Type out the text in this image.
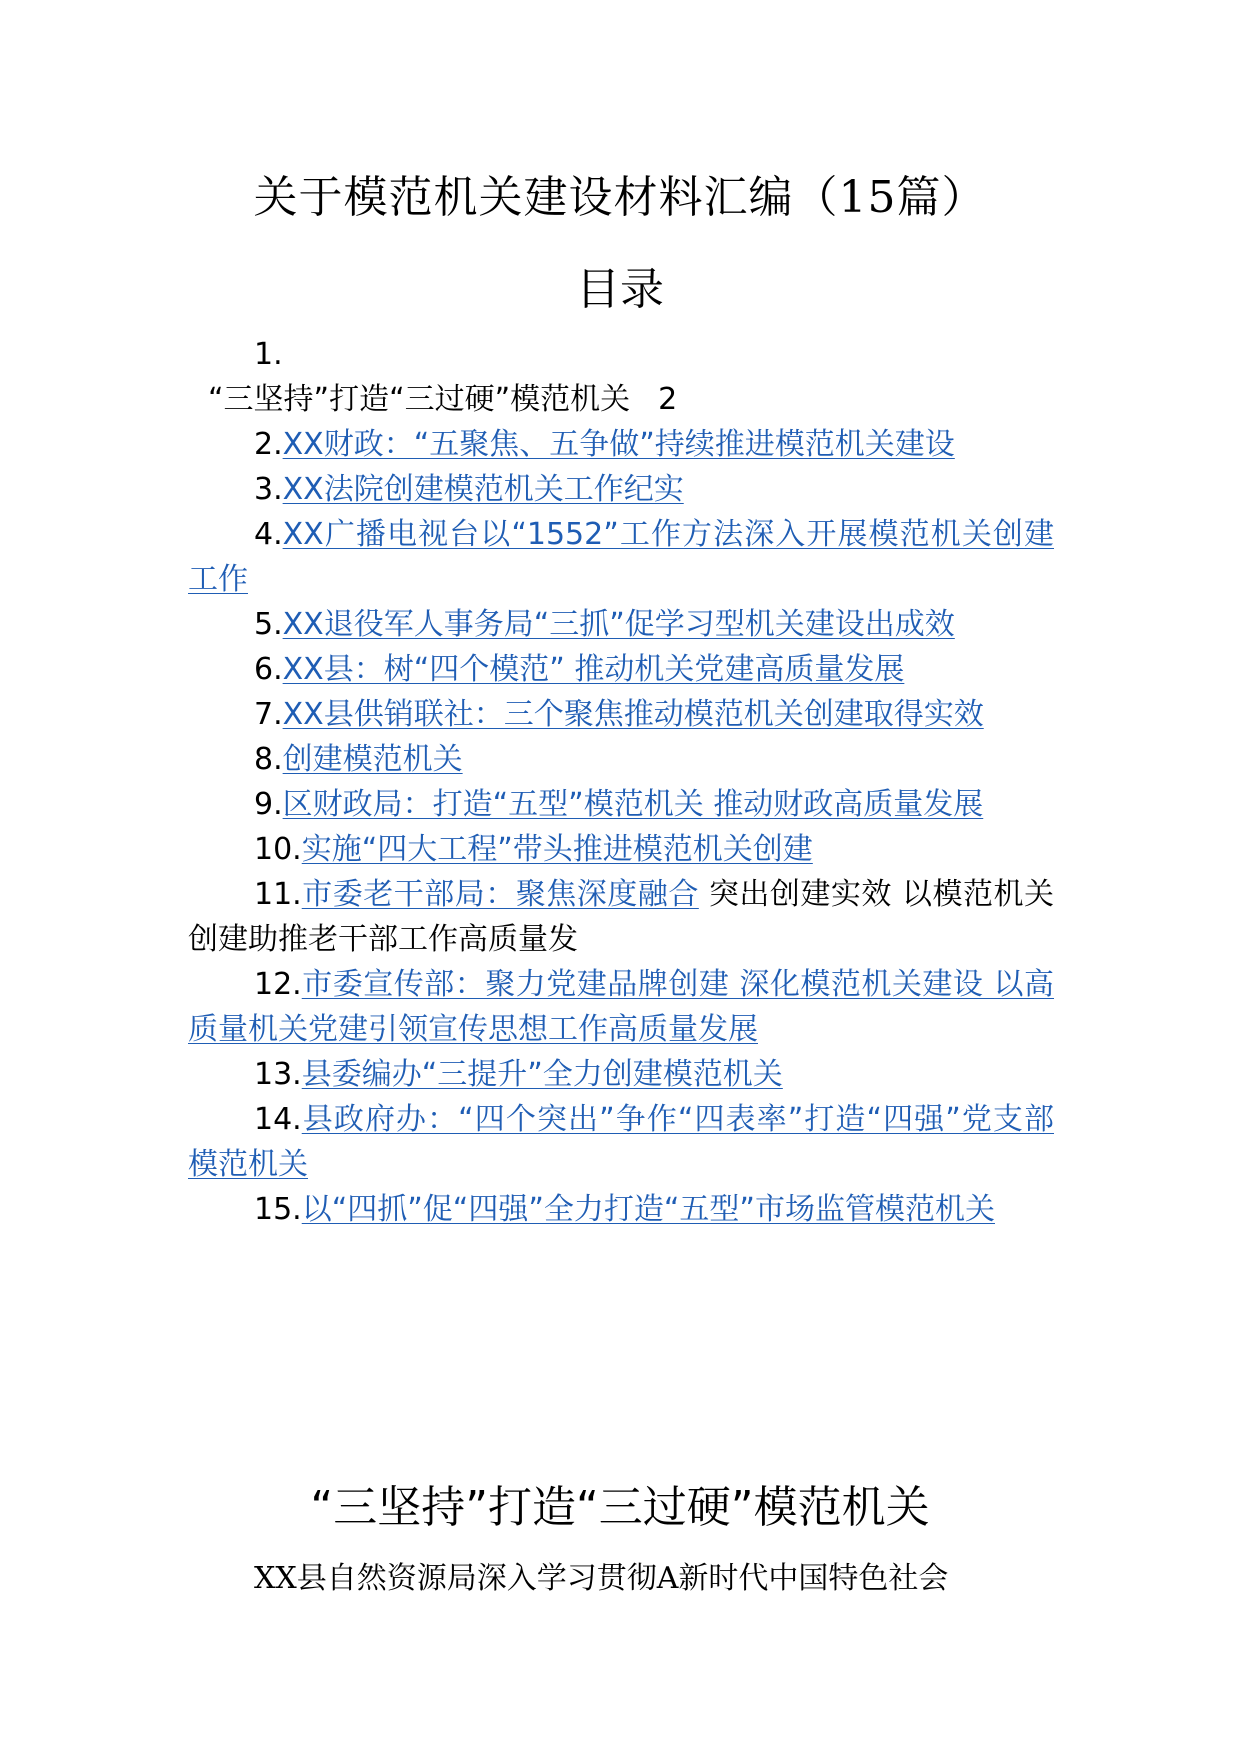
关于模范机关建设材料汇编（15篇）
目录
1.
“三坚持”打造“三过硬”模范机关 2
2.XX财政：“五聚焦、五争做”持续推进模范机关建设
3.XX法院创建模范机关工作纪实
4.XX广播电视台以“1552”工作方法深入开展模范机关创建工作
5.XX退役军人事务局“三抓”促学习型机关建设出成效
6.XX县：树“四个模范” 推动机关党建高质量发展
7.XX县供销联社：三个聚焦推动模范机关创建取得实效
8.创建模范机关
9.区财政局：打造“五型”模范机关 推动财政高质量发展
10.实施“四大工程”带头推进模范机关创建
11.市委老干部局：聚焦深度融合 突出创建实效 以模范机关创建助推老干部工作高质量发
12.市委宣传部：聚力党建品牌创建 深化模范机关建设 以高质量机关党建引领宣传思想工作高质量发展
13.县委编办“三提升”全力创建模范机关
14.县政府办：“四个突出”争作“四表率”打造“四强”党支部模范机关
15.以“四抓”促“四强”全力打造“五型”市场监管模范机关
“三坚持”打造“三过硬”模范机关
XX县自然资源局深入学习贯彻A新时代中国特色社会
